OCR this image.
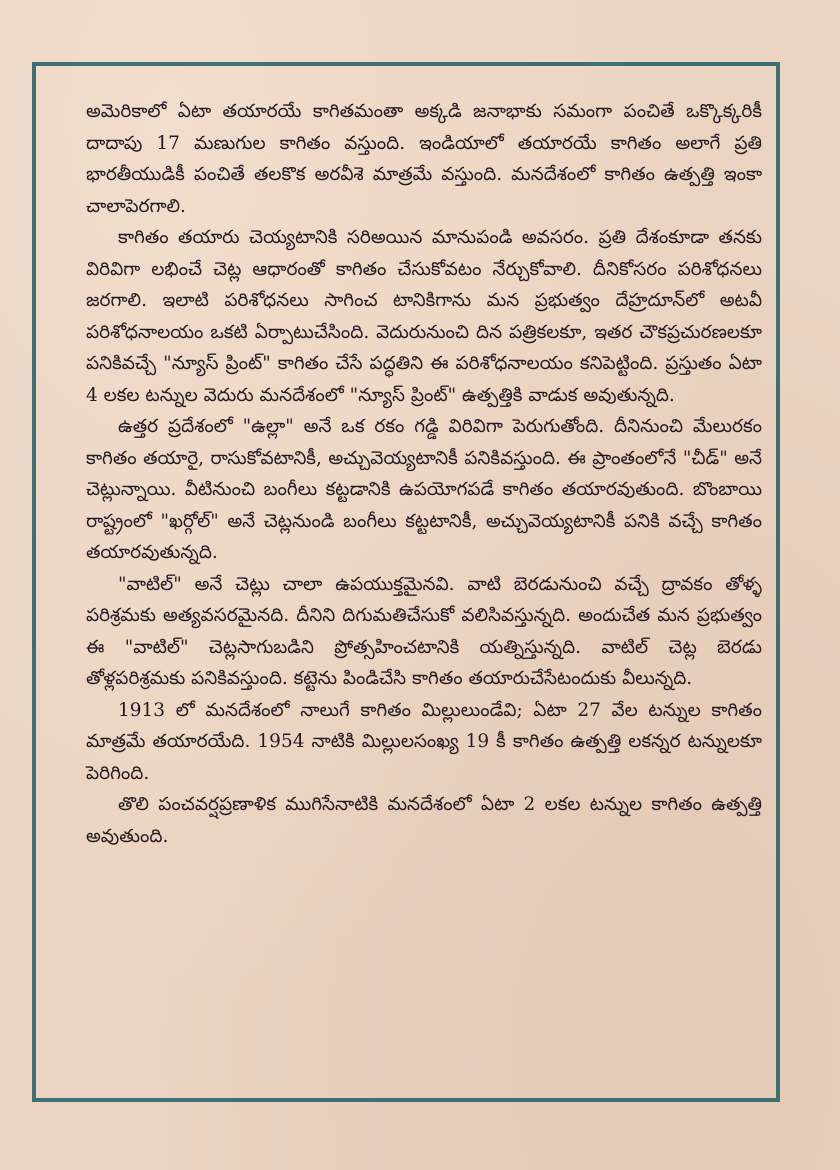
అమెరికాలో ఏటా తయారయే కాగితమంతా అక్కడి జనాభాకు సమంగా పంచితే ఒక్కొక్కరికీ దాదాపు 17 మణుగుల కాగితం వస్తుంది. ఇండియాలో తయారయే కాగితం అలాగే ప్రతి భారతీయుడికీ పంచితే తలకొక అరవీశె మాత్రమే వస్తుంది. మనదేశంలో కాగితం ఉత్పత్తి ఇంకా చాలాపెరగాలి.

కాగితం తయారు చెయ్యటానికి సరిఅయిన మానుపండి అవసరం. ప్రతి దేశంకూడా తనకు విరివిగా లభించే చెట్ల ఆధారంతో కాగితం చేసుకోవటం నేర్చుకోవాలి. దీనికోసరం పరిశోధనలు జరగాలి. ఇలాటి పరిశోధనలు సాగించ టానికిగాను మన ప్రభుత్వం దేహ్రదూన్‌లో అటవీ పరిశోధనాలయం ఒకటి ఏర్పాటుచేసింది. వెదురునుంచి దిన పత్రికలకూ, ఇతర చౌకప్రచురణలకూ పనికివచ్చే "న్యూస్ ప్రింట్" కాగితం చేసే పద్ధతిని ఈ పరిశోధనాలయం కనిపెట్టింది. ప్రస్తుతం ఏటా 4 లకల టన్నుల వెదురు మనదేశంలో "న్యూస్ ప్రింట్" ఉత్పత్తికి వాడుక అవుతున్నది.

ఉత్తర ప్రదేశంలో "ఉల్లా" అనే ఒక రకం గడ్డి విరివిగా పెరుగుతోంది. దీనినుంచి మేలురకం కాగితం తయారై, రాసుకోవటానికీ, అచ్చువెయ్యటానికీ పనికివస్తుంది. ఈ ప్రాంతంలోనే "చీడ్" అనే చెట్లున్నాయి. వీటినుంచి బంగీలు కట్టడానికి ఉపయోగపడే కాగితం తయారవుతుంది. బొంబాయి రాష్ట్రంలో "ఖర్గోల్" అనే చెట్లనుండి బంగీలు కట్టటానికీ, అచ్చువెయ్యటానికీ పనికి వచ్చే కాగితం తయారవుతున్నది.

"వాటిల్" అనే చెట్లు చాలా ఉపయుక్తమైనవి. వాటి బెరడునుంచి వచ్చే ద్రావకం తోళ్ళ పరిశ్రమకు అత్యవసరమైనది. దీనిని దిగుమతిచేసుకో వలిసివస్తున్నది. అందుచేత మన ప్రభుత్వం ఈ "వాటిల్" చెట్లసాగుబడిని ప్రోత్సహించటానికి యత్నిస్తున్నది. వాటిల్ చెట్ల బెరడు తోళ్లపరిశ్రమకు పనికివస్తుంది. కట్టెను పిండిచేసి కాగితం తయారుచేసేటందుకు వీలున్నది.

1913 లో మనదేశంలో నాలుగే కాగితం మిల్లులుండేవి; ఏటా 27 వేల టన్నుల కాగితం మాత్రమే తయారయేది. 1954 నాటికి మిల్లులసంఖ్య 19 కీ కాగితం ఉత్పత్తి లకన్నర టన్నులకూ పెరిగింది.

తొలి పంచవర్షప్రణాళిక ముగిసేనాటికి మనదేశంలో ఏటా 2 లకల టన్నుల కాగితం ఉత్పత్తి అవుతుంది.
